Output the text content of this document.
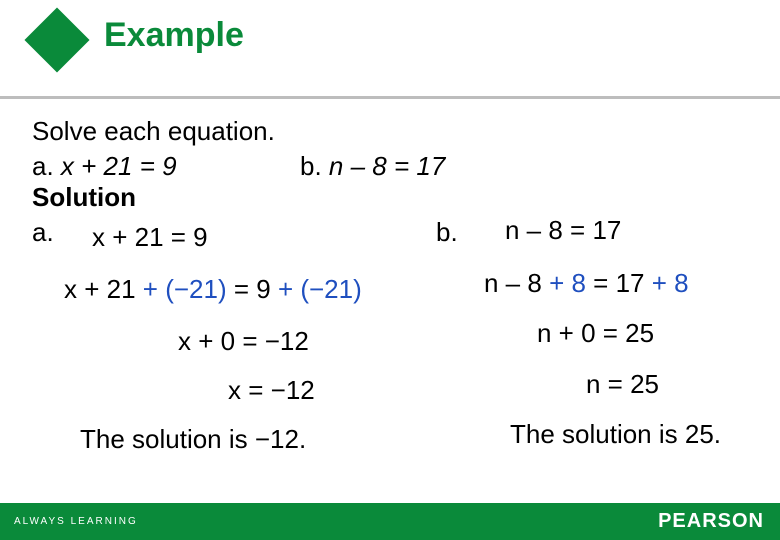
Example
Solve each equation.
a. x + 21 = 9	b. n – 8 = 17
Solution
a. x + 21 = 9	b. n – 8 = 17
x + 21 + (−21) = 9 + (−21)	n – 8 + 8 = 17 + 8
x + 0 = −12	n + 0 = 25
x = −12	n = 25
The solution is −12.	The solution is 25.
ALWAYS LEARNING	PEARSON
